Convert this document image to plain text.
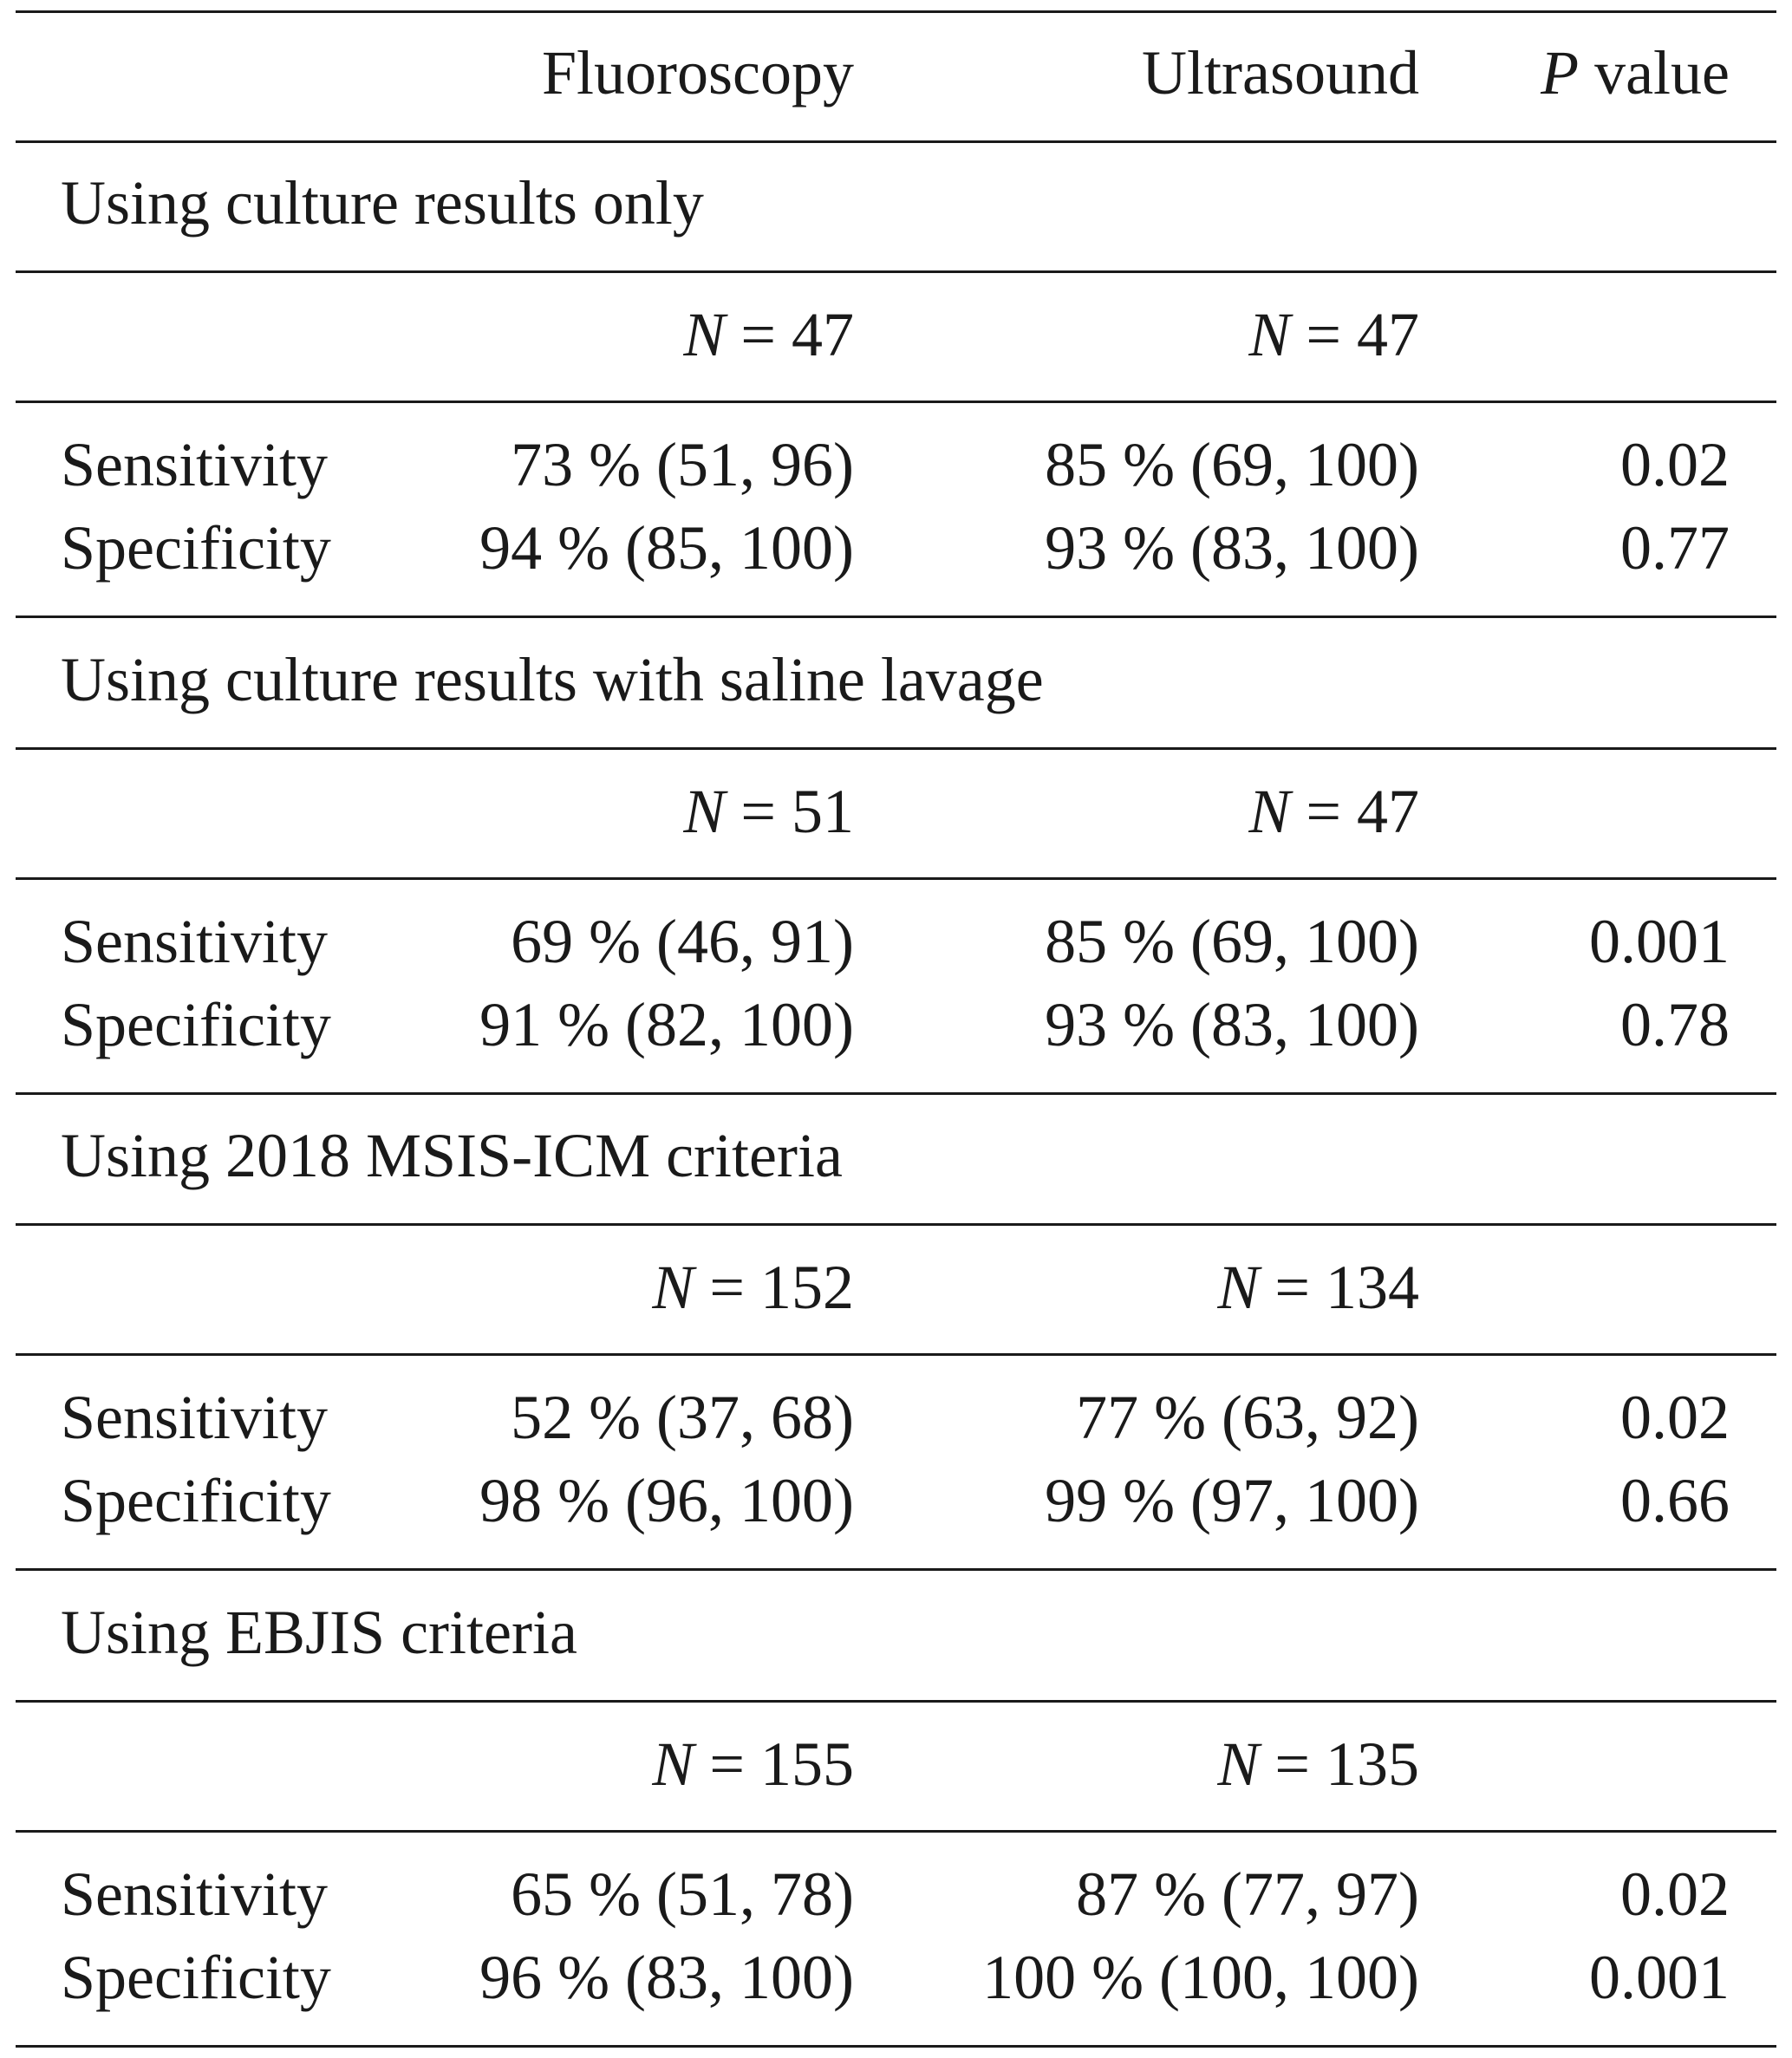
Fluoroscopy	Ultrasound P value
Using culture results only
N = 47	N = 47
Sensitivity	73 % (51, 96)	85 % (69, 100)	0.02
Specificity 94 % (85, 100)	93 % (83, 100)	0.77
Using culture results with saline lavage
N = 51	N = 47
Sensitivity	69 % (46, 91)	85 % (69, 100)	0.001
Specificity 91 % (82, 100)	93 % (83, 100)	0.78
Using 2018 MSIS-ICM criteria
N = 152	N = 134
Sensitivity	52 % (37, 68)	77 % (63, 92)	0.02
Specificity 98 % (96, 100)	99 % (97, 100)	0.66
Using EBJIS criteria
N = 155	N = 135
Sensitivity	65 % (51, 78)	87 % (77, 97)	0.02
Specificity 96 % (83, 100) 100 % (100, 100)	0.001
